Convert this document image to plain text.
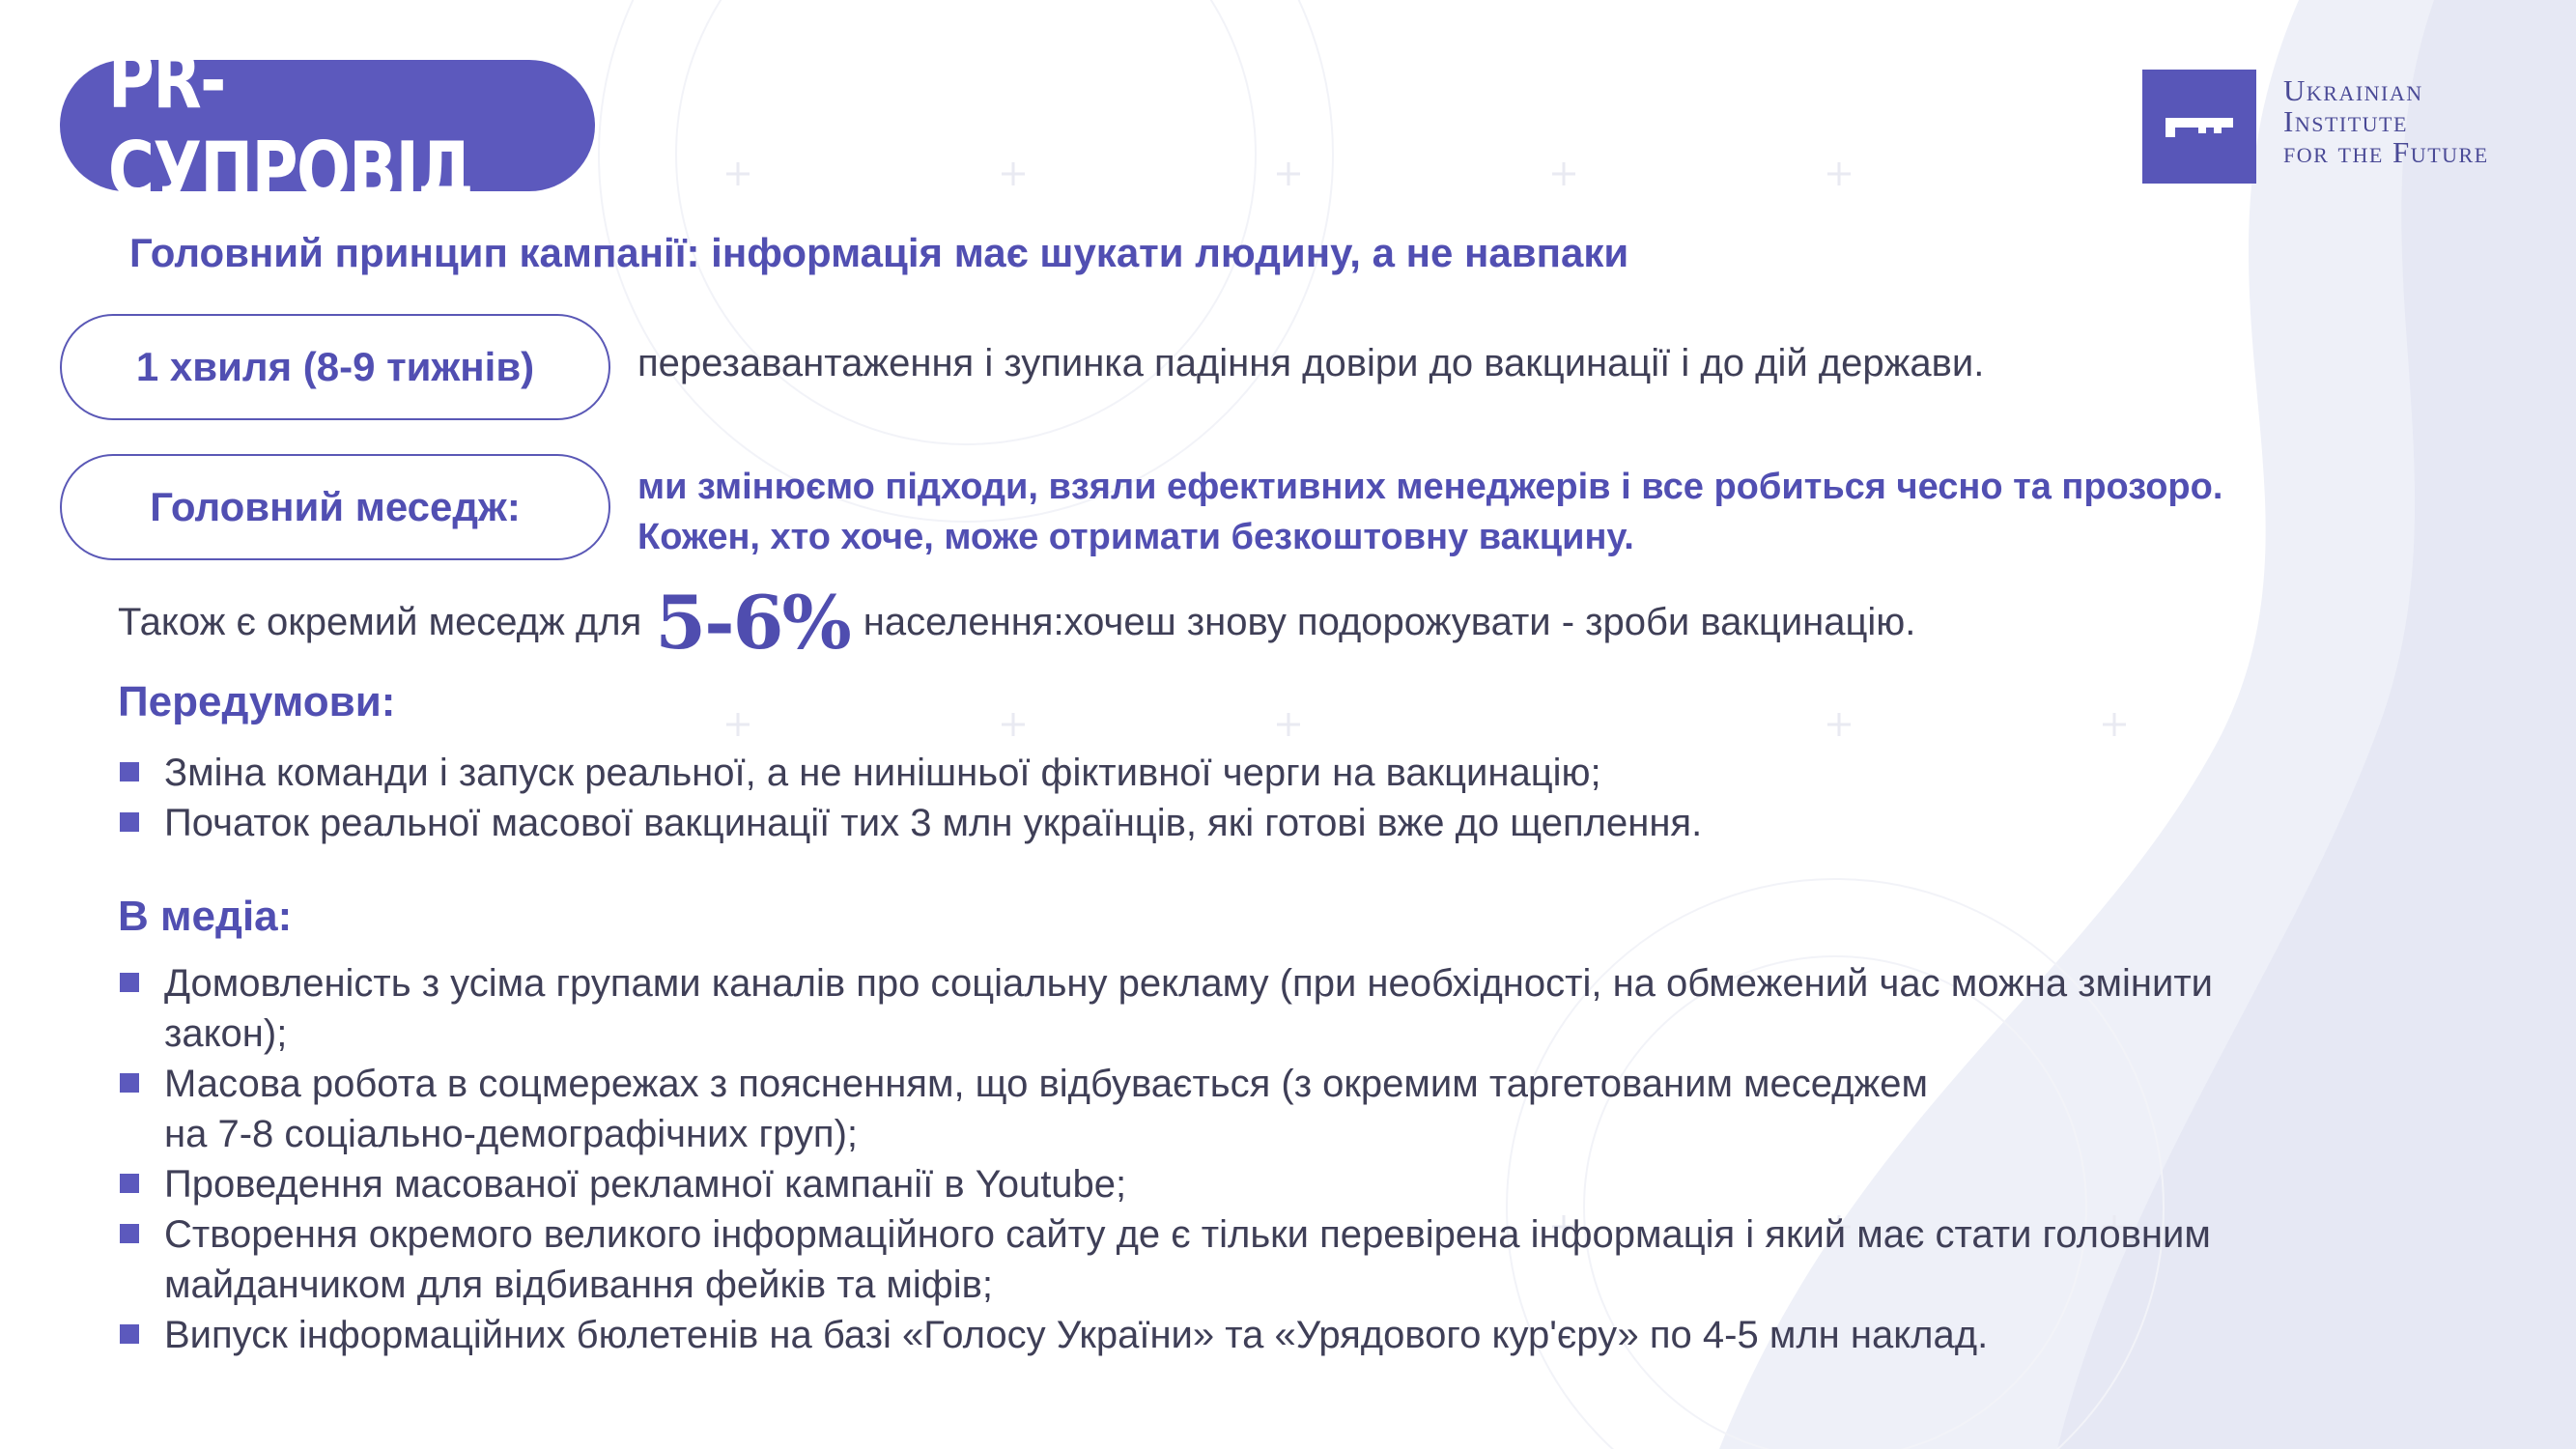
PR-СУПРОВІД
Ukrainian
Institute
for the Future
Головний принцип кампанії: інформація має шукати людину, а не навпаки
1 хвиля (8-9 тижнів)	перезавантаження і зупинка падіння довіри до вакцинації і до дій держави.
Головний меседж:	ми змінюємо підходи, взяли ефективних менеджерів і все робиться чесно та прозоро.
Кожен, хто хоче, може отримати безкоштовну вакцину.
Також є окремий меседж для 5-6% населення:хочеш знову подорожувати - зроби вакцинацію.
Передумови:
Зміна команди і запуск реальної, а не нинішньої фіктивної черги на вакцинацію;
Початок реальної масової вакцинації тих 3 млн українців, які готові вже до щеплення.
В медіа:
Домовленість з усіма групами каналів про соціальну рекламу (при необхідності, на обмежений час можна змінити
закон);
Масова робота в соцмережах з поясненням, що відбувається (з окремим таргетованим меседжем
на 7-8 соціально-демографічних груп);
Проведення масованої рекламної кампанії в Youtube;
Створення окремого великого інформаційного сайту де є тільки перевірена інформація і який має стати головним
майданчиком для відбивання фейків та міфів;
Випуск інформаційних бюлетенів на базі «Голосу України» та «Урядового кур'єру» по 4-5 млн наклад.
